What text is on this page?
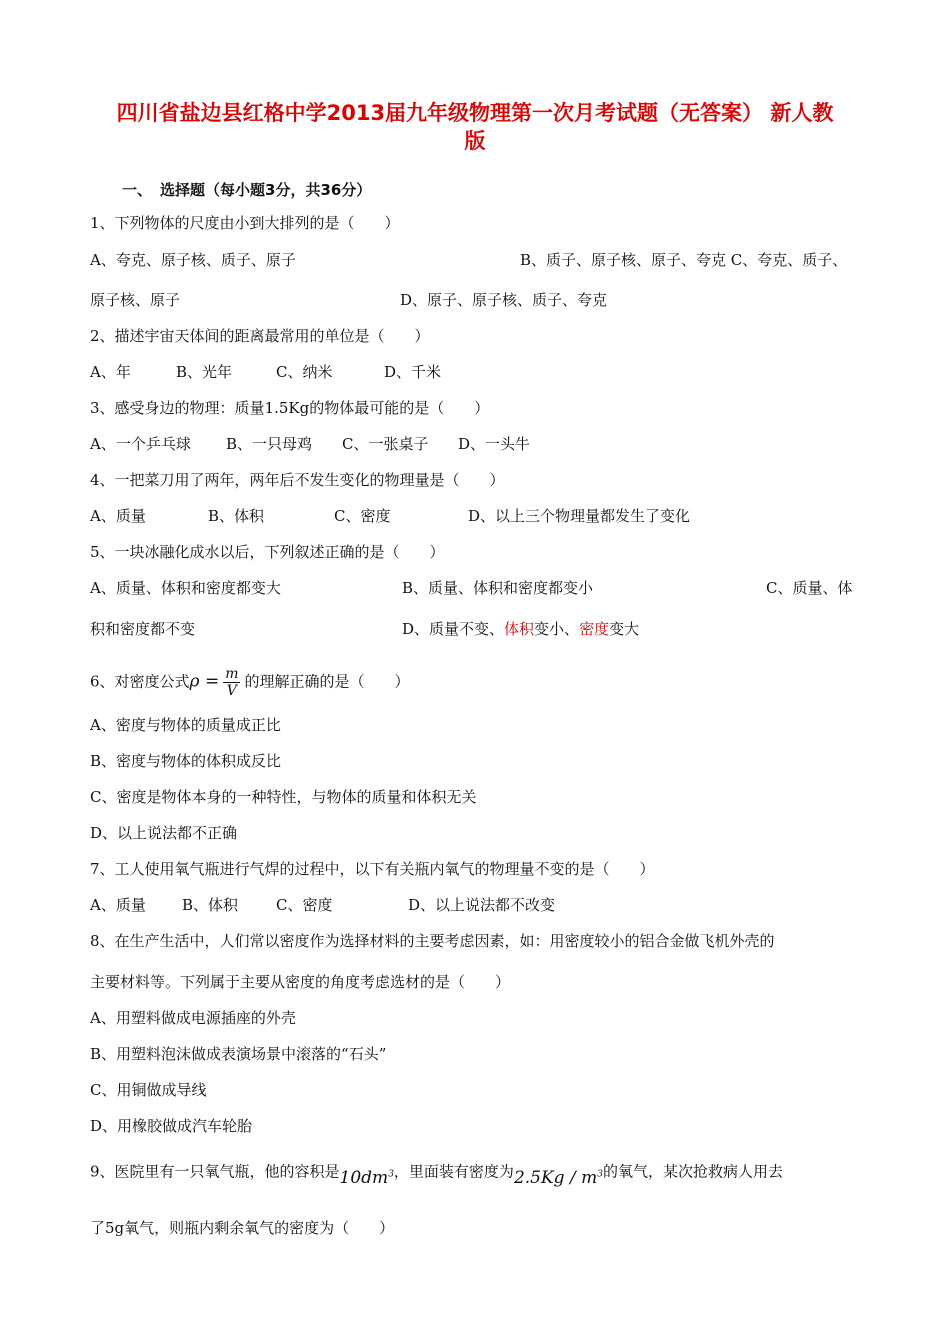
四川省盐边县红格中学2013届九年级物理第一次月考试题（无答案） 新人教
版
一、 选择题（每小题3分，共36分）
1、下列物体的尺度由小到大排列的是（　　）
A、夸克、原子核、质子、原子	B、质子、原子核、原子、夸克 C、夸克、质子、
原子核、原子	D、原子、原子核、质子、夸克
2、描述宇宙天体间的距离最常用的单位是（　　）
A、年	B、光年	C、纳米	D、千米
3、感受身边的物理：质量1.5Kg的物体最可能的是（　　）
A、一个乒乓球 B、一只母鸡 C、一张桌子 D、一头牛
4、一把菜刀用了两年，两年后不发生变化的物理量是（　　）
A、质量	B、体积	C、密度	D、以上三个物理量都发生了变化
5、一块冰融化成水以后，下列叙述正确的是（　　）
A、质量、体积和密度都变大	B、质量、体积和密度都变小	C、质量、体
积和密度都不变	D、质量不变、体积变小、密度变大
6、对密度公式$\rho = \frac{m}{V}$ 的理解正确的是（　　）
A、密度与物体的质量成正比
B、密度与物体的体积成反比
C、密度是物体本身的一种特性，与物体的质量和体积无关
D、以上说法都不正确
7、工人使用氧气瓶进行气焊的过程中，以下有关瓶内氧气的物理量不变的是（　　）
A、质量 B、体积	C、密度	D、以上说法都不改变
8、在生产生活中，人们常以密度作为选择材料的主要考虑因素，如：用密度较小的铝合金做飞机外壳的
主要材料等。下列属于主要从密度的角度考虑选材的是（　　）
A、用塑料做成电源插座的外壳
B、用塑料泡沫做成表演场景中滚落的“石头”
C、用铜做成导线
D、用橡胶做成汽车轮胎
9、医院里有一只氧气瓶，他的容积是$10dm^3$，里面装有密度为$2.5Kg / m^3$的氧气，某次抢救病人用去
了5g氧气，则瓶内剩余氧气的密度为（　　）
